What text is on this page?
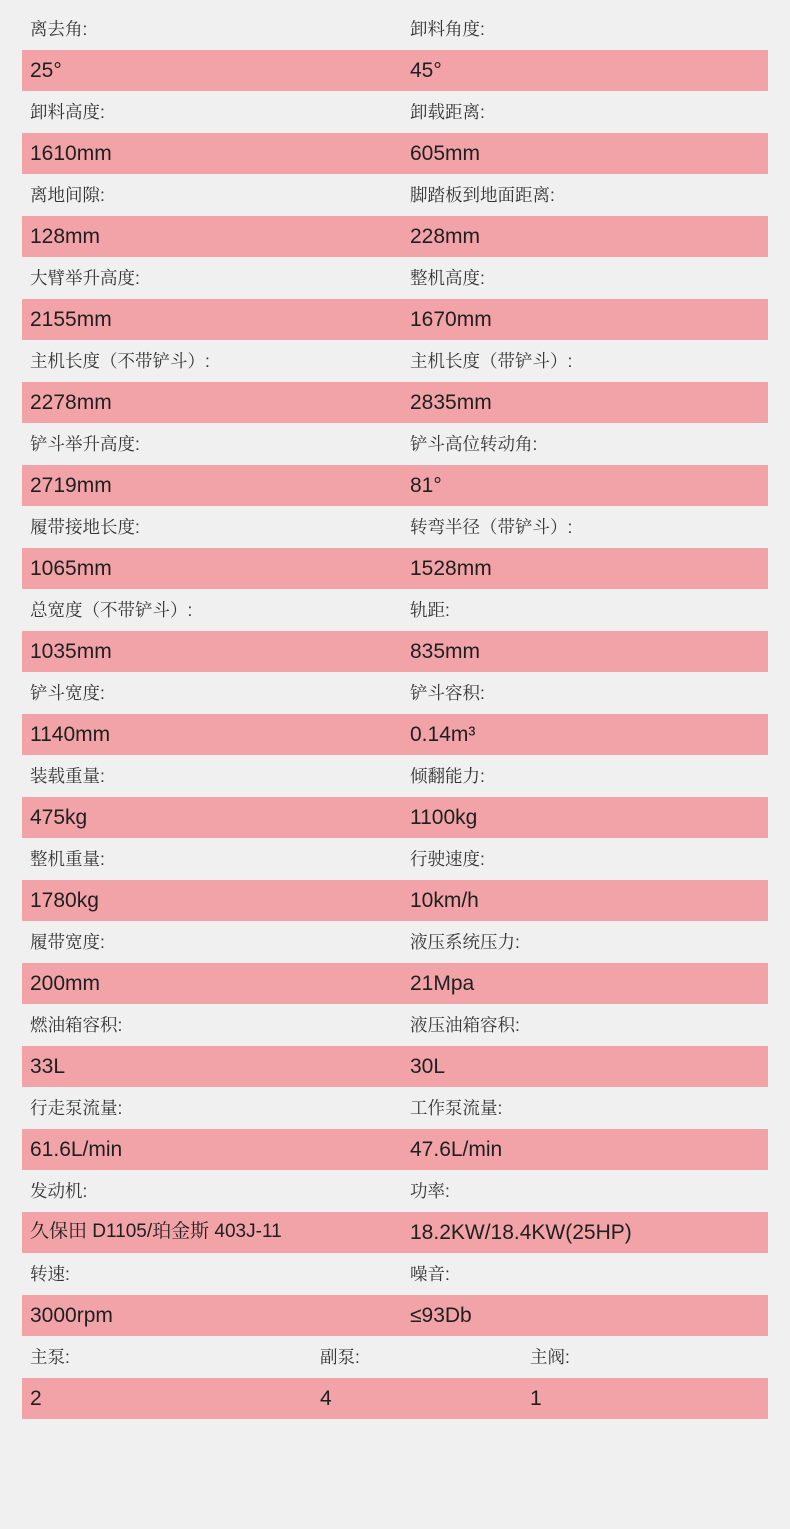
离去角:	卸料角度:
25°	45°
卸料高度:	卸载距离:
1610mm	605mm
离地间隙:	脚踏板到地面距离:
128mm	228mm
大臂举升高度:	整机高度:
2155mm	1670mm
主机长度（不带铲斗）:	主机长度（带铲斗）:
2278mm	2835mm
铲斗举升高度:	铲斗高位转动角:
2719mm	81°
履带接地长度:	转弯半径（带铲斗）:
1065mm	1528mm
总宽度（不带铲斗）:	轨距:
1035mm	835mm
铲斗宽度:	铲斗容积:
1140mm	0.14m³
装载重量:	倾翻能力:
475kg	1100kg
整机重量:	行驶速度:
1780kg	10km/h
履带宽度:	液压系统压力:
200mm	21Mpa
燃油箱容积:	液压油箱容积:
33L	30L
行走泵流量:	工作泵流量:
61.6L/min	47.6L/min
发动机:	功率:
久保田 D1105/珀金斯 403J-11	18.2KW/18.4KW(25HP)
转速:	噪音:
3000rpm	≤93Db
主泵:	副泵:	主阀:
2	4	1
